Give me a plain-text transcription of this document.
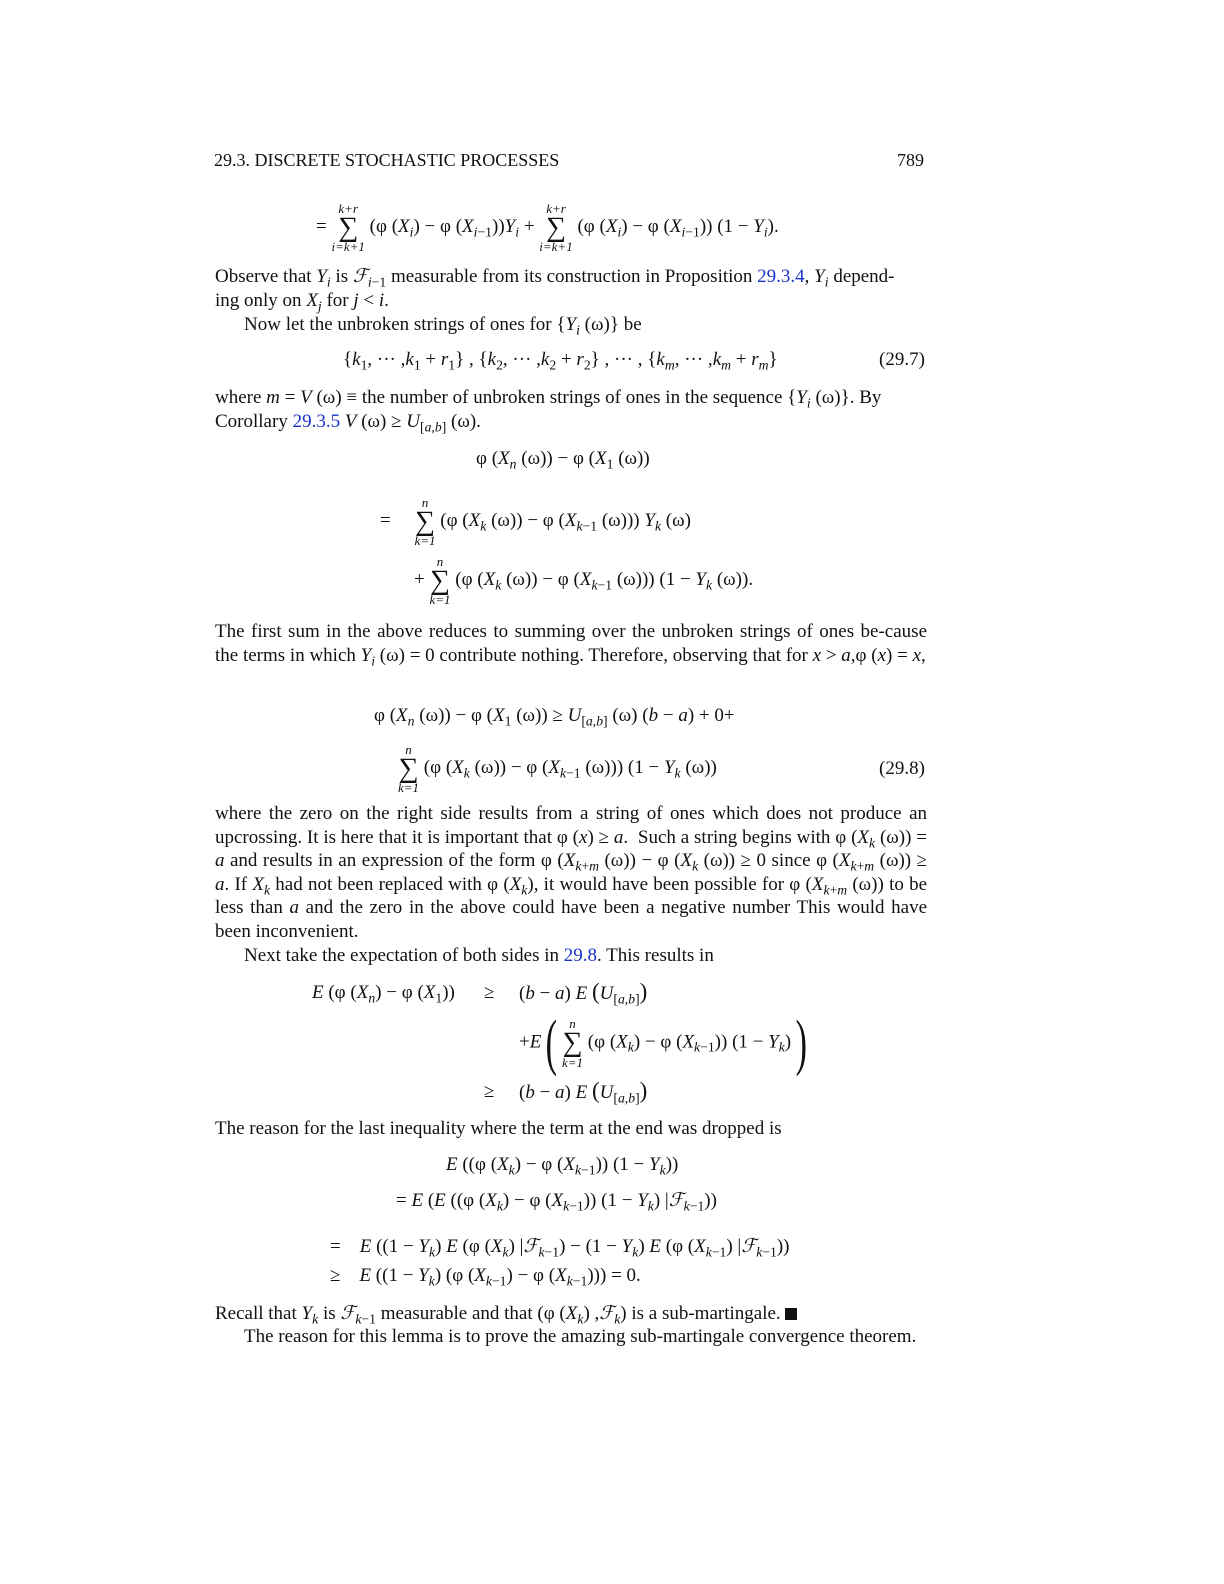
29.3. DISCRETE STOCHASTIC PROCESSES	789
=
k+r
∑
i=k+1
(φ $(X_i) - \varphi$ $(X_{i-1}))Y_i$ +
k+r
∑
i=k+1
(φ $(X_i) - \varphi$ $(X_{i-1})$) $(1 - Y_i)$.
Observe that $Y_i$ is ℱ$_{i-1}$ measurable from its construction in Proposition 29.3.4, $Y_i$ depend-
ing only on $X_j$ for j < i.
Now let the unbroken strings of ones for {$Y_i$ (ω)} be
{$k_1$, ··· $,k_1 + r_1$} , {$k_2$, ··· $,k_2 + r_2$} , ··· , {$k_m$, ··· $,k_m + r_m$}	(29.7)
where m = V (ω) ≡ the number of unbroken strings of ones in the sequence {$Y_i$ (ω)}. By
Corollary 29.3.5 V $(\omega) \ge U_{[a,b]}$ (ω).
φ ($X_n$ (ω)) − φ ($X_1$ (ω))
=
n
∑
k=1
(φ ($X_k$ (ω)) − φ ($X_{k-1}$ (ω))) $Y_k$ (ω)
+
n
∑
k=1
(φ ($X_k$ (ω)) − φ ($X_{k-1}$ (ω))) ($1 - Y_k$ (ω)).
The first sum in the above reduces to summing over the unbroken strings of ones be-cause the terms in which $Y_i$ (ω) = 0 contribute nothing. Therefore, observing that for x > a,φ (x) = x,
φ ($X_n$ (ω)) − φ ($X_1$ $(\omega)) \ge U_{[a,b]}$ (ω) (b − a) + 0+
n
∑
k=1
(φ ($X_k$ (ω)) − φ ($X_{k-1}$ (ω))) ($1 - Y_k$ (ω))	(29.8)
where the zero on the right side results from a string of ones which does not produce an upcrossing. It is here that it is important that φ (x) ≥ a.  Such a string begins with φ ($X_k$ (ω)) = a and results in an expression of the form φ ($X_{k+m}$ (ω)) − φ ($X_k$ (ω)) ≥ 0 since φ ($X_{k+m}$ (ω)) ≥ a. If $X_k$ had not been replaced with φ $(X_k)$, it would have been possible for φ ($X_{k+m}$ (ω)) to be less than a and the zero in the above could have been a negative number This would have been inconvenient.
Next take the expectation of both sides in 29.8. This results in
E (φ $(X_n) - \varphi$ $(X_1)) \ge (b - a)$ E $(U_{[a,b]})$
+E( n
∑
k=1
(φ $(X_k) - \varphi$ $(X_{k-1})$) $(1 - Y_k)$)
≥ (b − a) E $(U_{[a,b]})$
The reason for the last inequality where the term at the end was dropped is
E ((φ $(X_k) - \varphi$ $(X_{k-1})$) $(1 - Y_k)$)
= E (E ((φ $(X_k) - \varphi$ $(X_{k-1})$) $(1 - Y_k)$ |ℱ$_{k-1}$))
=    E ($(1 - Y_k)$ E (φ $(X_k)$ |ℱ$_{k-1}$) − $(1 - Y_k)$ E (φ $(X_{k-1})$ |ℱ$_{k-1}$))
≥    E ($(1 - Y_k)$ (φ $(X_{k-1}) - \varphi$ $(X_{k-1}))) = 0$.
Recall that $Y_k$ is ℱ$_{k-1}$ measurable and that (φ $(X_k)$ ,ℱ$_k$) is a sub-martingale.
The reason for this lemma is to prove the amazing sub-martingale convergence theorem.
